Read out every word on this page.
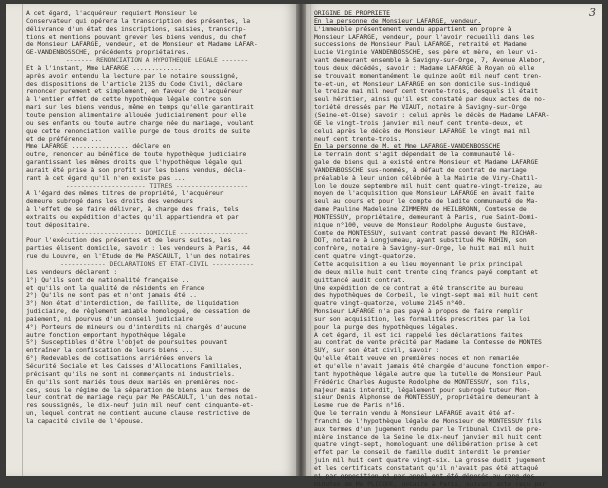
A cet égard, l'acquéreur requiert Monsieur le
Conservateur qui opérera la transcription des présentes, la
délivrance d'un état des inscriptions, saisies, transcrip-
tions et mentions pouvant grever les biens vendus, du chef
de Monsieur LAFARGE, vendeur, et de Monsieur et Madame LAFAR-
GE-VANDENBOSSCHE, précédents propriétaires.
------- RENONCIATION A HYPOTHEQUE LEGALE -------
Et à l'instant, Mme LAFARGE .............
après avoir entendu la lecture par le notaire soussigné,
des dispositions de l'article 2135 du Code Civil, déclare
renoncer purement et simplement, en faveur de l'acquéreur
à l'entier effet de cette hypothèque légale contre son
mari sur les biens vendus, même en temps qu'elle garantirait
toute pension alimentaire allouée judiciairement pour elle
ou ses enfants ou toute autre charge née du mariage, voulant
que cette renonciation vaille purge de tous droits de suite
et de préférence ...
Mme LAFARGE ............... déclare en
outre, renoncer au bénéfice de toute hypothèque judiciaire
garantissant les mêmes droits que l'hypothèque légale qui
aurait été prise à son profit sur les biens vendus, décla-
rant à cet égard qu'il n'en existe pas ...
--------------------- TITRES -------------------
A l'égard des mêmes titres de propriété, l'acquéreur
demeure subrogé dans les droits des vendeurs
à l'effet de se faire délivrer, à charge des frais, tels
extraits ou expédition d'actes qu'il appartiendra et par
tout dépositaire.
-------------------- DOMICILE ------------------
Pour l'exécution des présentes et de leurs suites, les
parties élisent domicile, savoir : les vendeurs à Paris, 44
rue du Louvre, en l'Etude de Me PASCAULT, l'un des notaires
------------ DECLARATIONS ET ETAT-CIVIL -----------
Les vendeurs déclarent :
1°) Qu'ils sont de nationalité française ..
et qu'ils ont la qualité de résidents en France
2°) Qu'ils ne sont pas et n'ont jamais été ..
3°) Non état d'interdiction, de faillite, de liquidation
judiciaire, de règlement amiable homologué, de cessation de
paiement, ni pourvus d'un conseil judiciaire
4°) Porteurs de mineurs ou d'interdits ni chargés d'aucune
autre fonction emportant hypothèque légale
5°) Susceptibles d'être l'objet de poursuites pouvant
entraîner la confiscation de leurs biens ...
6°) Redevables de cotisations arriérées envers la
Sécurité Sociale et les Caisses d'Allocations Familiales,
précisant qu'ils ne sont ni commerçants ni industriels.
En qu'ils sont mariés tous deux mariés en premières noc-
ces, sous le régime de la séparation de biens aux termes de
leur contrat de mariage reçu par Me PASCAULT, l'un des notai-
res soussignés, le dix-neuf juin mil neuf cent cinquante-et-
un, lequel contrat ne contient aucune clause restrictive de
la capacité civile de l'épouse.
3
ORIGINE DE PROPRIETE
En la personne de Monsieur LAFARGE, vendeur.
L'immeuble présentement vendu appartient en propre à
Monsieur LAFARGE, vendeur, pour l'avoir recueilli dans les
successions de Monsieur Paul LAFARGE, retraité et Madame
Lucie Virginie VANDENBOSSCHE, ses père et mère, en leur vi-
vant demeurant ensemble à Savigny-sur-Orge, 7, Avenue Alebor,
tous deux décédés, savoir : Madame LAFARGE à Royan où elle
se trouvait momentanément le quinze août mil neuf cent tren-
te-et-un, et Monsieur LAFARGE en son domicile sus-indiqué
le treize mai mil neuf cent trente-trois, desquels il était
seul héritier, ainsi qu'il est constaté par deux actes de no-
toriété dressés par Me VIAUT, notaire à Savigny-sur-Orge
(Seine-et-Oise) savoir : celui après le décès de Madame LAFAR-
GE le vingt-trois janvier mil neuf cent trente-deux, et
celui après le décès de Monsieur LAFARGE le vingt mai mil
neuf cent trente-trois.
En la personne de M. et Mme LAFARGE-VANDENBOSSCHE
Le terrain dont s'agit dépendait de la communauté lé-
gale de biens qui a existé entre Monsieur et Madame LAFARGE
VANDENBOSSCHE sus-nommés, à défaut de contrat de mariage
préalable à leur union célébrée à la Mairie de Viry-Chatil-
lon le douze septembre mil huit cent quatre-vingt-treize, au
moyen de l'acquisition que Monsieur LAFARGE en avait faite
seul au cours et pour le compte de ladite communauté de Ma-
dame Pauline Madeleine ZIMMERN de HEILBRONN, Comtesse de
MONTESSUY, propriétaire, demeurant à Paris, rue Saint-Domi-
nique n°100, veuve de Monsieur Rodolphe Auguste Gustave,
Comte de MONTESSUY, suivant contrat passé devant Me RICHAR-
DOT, notaire à Longjumeau, ayant substitué Me ROHIN, son
confrère, notaire à Savigny-sur-Orge, le huit mai mil huit
cent quatre vingt-quatorze.
Cette acquisition a eu lieu moyennant le prix principal
de deux mille huit cent trente cinq francs payé comptant et
quittancé audit contrat.
Une expédition de ce contrat a été transcrite au bureau
des hypothèques de Corbeil, le vingt-sept mai mil huit cent
quatre vingt-quatorze, volume 2145 n°40.
Monsieur LAFARGE n'a pas payé à propos de faire remplir
sur son acquisition, les formalités prescrites par la loi
pour la purge des hypothèques légales.
A cet égard, il est ici rappelé les déclarations faites
au contrat de vente précité par Madame la Comtesse de MONTES
SUY, sur son état civil, savoir :
Qu'elle était veuve en premières noces et non remariée
et qu'elle n'avait jamais été chargée d'aucune fonction empor-
tant hypothèque légale autre que la tutelle de Monsieur Paul
Frédéric Charles Auguste Rodolphe de MONTESSUY, son fils,
majeur mais interdit, légalement pour subrogé tuteur Mon-
sieur Denis Alphonse de MONTESSUY, propriétaire demeurant à
Lesme rue de Paris n°16.
Que le terrain vendu à Monsieur LAFARGE avait été af-
franchi de l'hypothèque légale de Monsieur de MONTESSUY fils
aux termes d'un jugement rendu par le Tribunal Civil de pre-
mière instance de la Seine le dix-neuf janvier mil huit cent
quatre vingt-sept, homologuant une délibération prise à cet
effet par le conseil de famille dudit interdit le premier
juin mil huit cent quatre vingt-six. La grosse dudit jugement
et les certificats constatant qu'il n'avait pas été attaqué
ni par opposition ni par appel ont été déposés au rang des
minutes de Me PLICQUE, notaire à Paris, suivant acte reçu par
